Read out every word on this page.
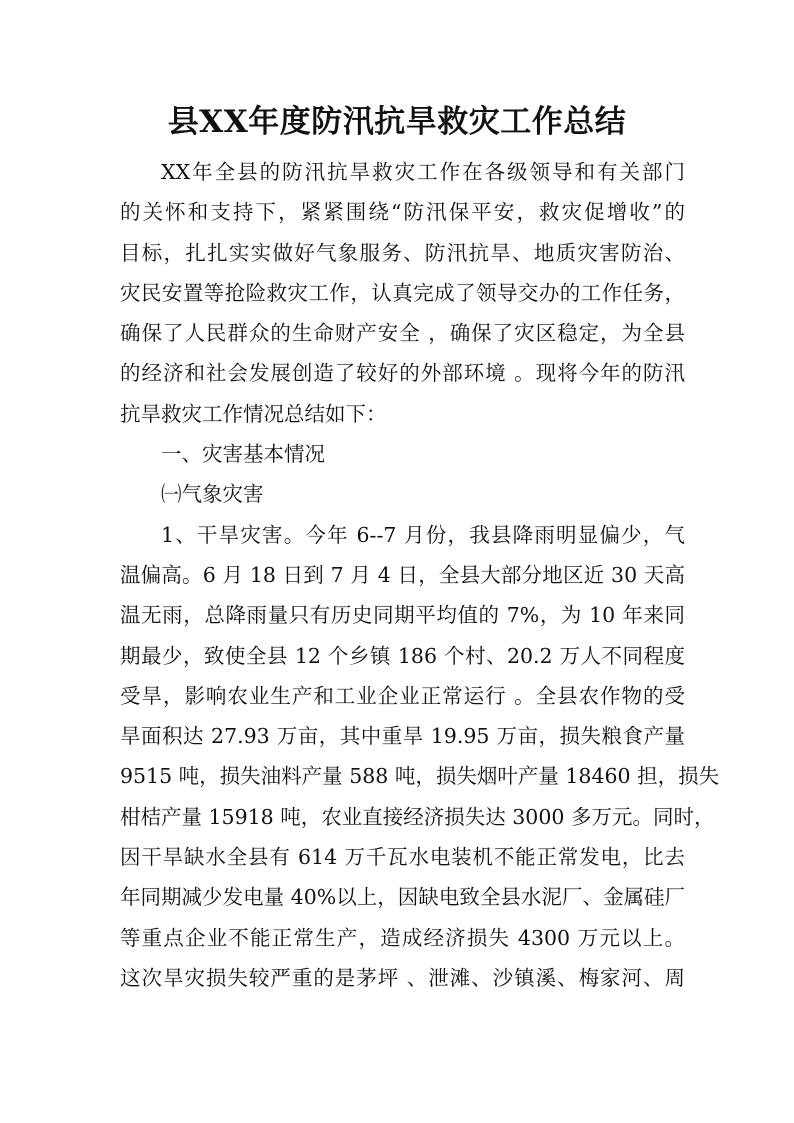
县XX年度防汛抗旱救灾工作总结
XX年全县的防汛抗旱救灾工作在各级领导和有关部门
的关怀和支持下，紧紧围绕“防汛保平安，救灾促增收”的
目标，扎扎实实做好气象服务、防汛抗旱、地质灾害防治、
灾民安置等抢险救灾工作，认真完成了领导交办的工作任务，
确保了人民群众的生命财产安全 ，确保了灾区稳定，为全县
的经济和社会发展创造了较好的外部环境 。现将今年的防汛
抗旱救灾工作情况总结如下：
一、灾害基本情况
㈠气象灾害
1、干旱灾害。今年 6--7 月份，我县降雨明显偏少，气
温偏高。6 月 18 日到 7 月 4 日，全县大部分地区近 30 天高
温无雨，总降雨量只有历史同期平均值的 7%，为 10 年来同
期最少，致使全县 12 个乡镇 186 个村、20.2 万人不同程度
受旱，影响农业生产和工业企业正常运行 。全县农作物的受
旱面积达 27.93 万亩，其中重旱 19.95 万亩，损失粮食产量
9515 吨，损失油料产量 588 吨，损失烟叶产量 18460 担，损失
柑桔产量 15918 吨，农业直接经济损失达 3000 多万元。同时，
因干旱缺水全县有 614 万千瓦水电装机不能正常发电，比去
年同期减少发电量 40%以上，因缺电致全县水泥厂、金属硅厂
等重点企业不能正常生产，造成经济损失 4300 万元以上。
这次旱灾损失较严重的是茅坪 、泄滩、沙镇溪、梅家河、周
